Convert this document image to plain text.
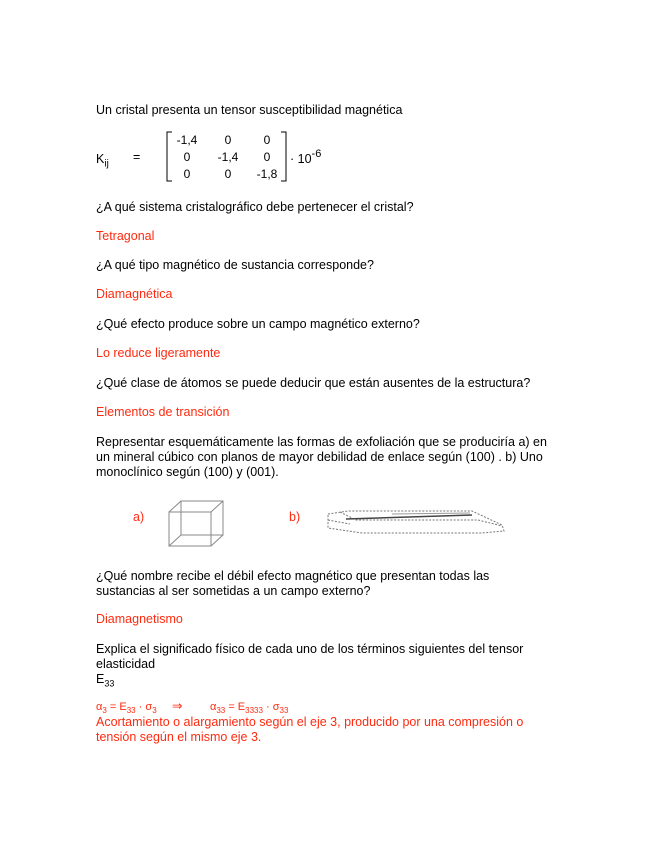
Un cristal presenta un tensor susceptibilidad magnética
$K_{ij}$ =
-1,4	0	0
0	-1,4	0
0	0	-1,8
· $10^{-6}$
¿A qué sistema cristalográfico debe pertenecer el cristal?
Tetragonal
¿A qué tipo magnético de sustancia corresponde?
Diamagnética
¿Qué efecto produce sobre un campo magnético externo?
Lo reduce ligeramente
¿Qué clase de átomos se puede deducir que están ausentes de la estructura?
Elementos de transición
Representar esquemáticamente las formas de exfoliación que se produciría a) en un mineral cúbico con planos de mayor debilidad de enlace según (100) . b) Uno monoclínico según (100) y (001).
a)	b)
¿Qué nombre recibe el débil efecto magnético que presentan todas las sustancias al ser sometidas a un campo externo?
Diamagnetismo
Explica el significado físico de cada uno de los términos siguientes del tensor elasticidad
$E_{33}$
$\alpha_3 = E_{33} \cdot \sigma_3$ ⇒	$\alpha_{33} = E_{3333} \cdot \sigma_{33}$
Acortamiento o alargamiento según el eje 3, producido por una compresión o tensión según el mismo eje 3.
